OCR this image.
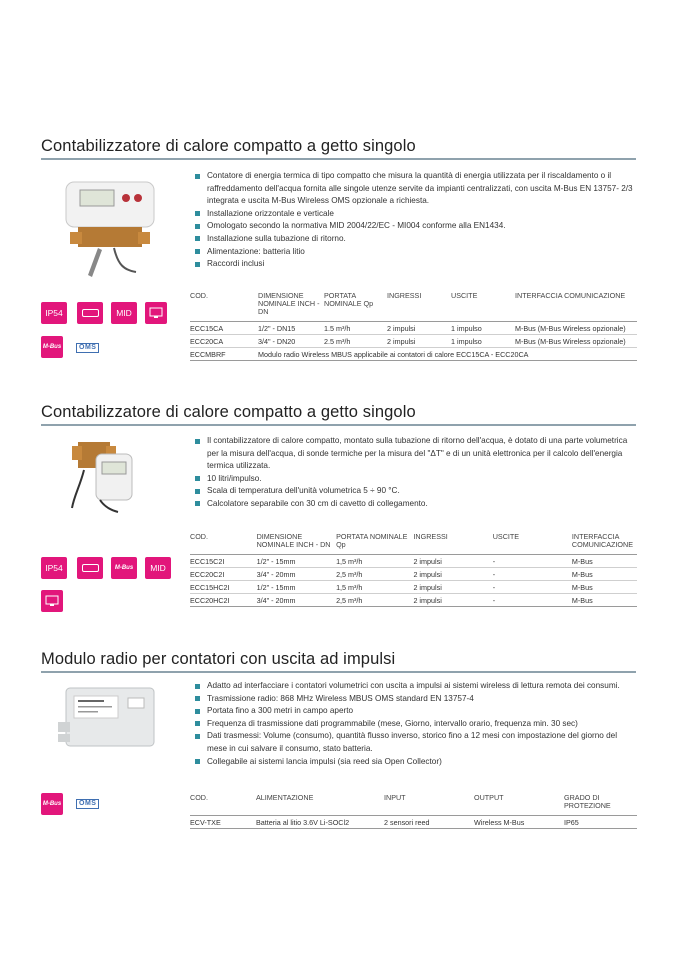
Contabilizzatore di calore compatto a getto singolo
Contatore di energia termica di tipo compatto che misura la quantità di energia utilizzata per il riscaldamento o il raffreddamento dell'acqua fornita alle singole utenze servite da impianti centralizzati, con uscita M-Bus EN 13757- 2/3 integrata e uscita M-Bus Wireless OMS opzionale a richiesta.
Installazione orizzontale e verticale
Omologato secondo la normativa MID 2004/22/EC - MI004 conforme alla EN1434.
Installazione sulla tubazione di ritorno.
Alimentazione: batteria litio
Raccordi inclusi
IP54	MID
M-Bus	OMS
COD.	DIMENSIONE NOMINALE INCH - DN	PORTATA NOMINALE Qp	INGRESSI	USCITE	INTERFACCIA COMUNICAZIONE
ECC15CA	1/2" - DN15	1.5 m³/h	2 impulsi	1 impulso	M-Bus (M-Bus Wireless opzionale)
ECC20CA	3/4" - DN20	2.5 m³/h	2 impulsi	1 impulso	M-Bus (M-Bus Wireless opzionale)
ECCMBRF	Modulo radio Wireless MBUS applicabile ai contatori di calore ECC15CA - ECC20CA				
Contabilizzatore di calore compatto a getto singolo
Il contabilizzatore di calore compatto, montato sulla tubazione di ritorno dell'acqua, è dotato di una parte volumetrica per la misura dell'acqua, di sonde termiche per la misura del "ΔT" e di un unità elettronica per il calcolo dell'energia termica utilizzata.
10 litri/impulso.
Scala di temperatura dell'unità volumetrica 5 ÷ 90 °C.
Calcolatore separabile con 30 cm di cavetto di collegamento.
IP54	M-Bus	MID
COD.	DIMENSIONE NOMINALE INCH - DN	PORTATA NOMINALE Qp	INGRESSI	USCITE	INTERFACCIA COMUNICAZIONE
ECC15C2I	1/2" - 15mm	1,5 m³/h	2 impulsi	-	M-Bus
ECC20C2I	3/4" - 20mm	2,5 m³/h	2 impulsi	-	M-Bus
ECC15HC2I	1/2" - 15mm	1,5 m³/h	2 impulsi	-	M-Bus
ECC20HC2I	3/4" - 20mm	2,5 m³/h	2 impulsi	-	M-Bus
Modulo radio per contatori con uscita ad impulsi
Adatto ad interfacciare i contatori volumetrici con uscita a impulsi ai sistemi wireless di lettura remota dei consumi.
Trasmissione radio: 868 MHz Wireless MBUS OMS standard EN 13757-4
Portata fino a 300 metri in campo aperto
Frequenza di trasmissione dati programmabile (mese, Giorno, intervallo orario, frequenza min. 30 sec)
Dati trasmessi: Volume (consumo), quantità flusso inverso, storico fino a 12 mesi con impostazione del giorno del mese in cui salvare il consumo, stato batteria.
Collegabile ai sistemi lancia impulsi (sia reed sia Open Collector)
M-Bus	OMS
COD.	ALIMENTAZIONE	INPUT	OUTPUT	GRADO DI PROTEZIONE
ECV-TXE	Batteria al litio 3.6V Li-SOCl2	2 sensori reed	Wireless M-Bus	IP65
